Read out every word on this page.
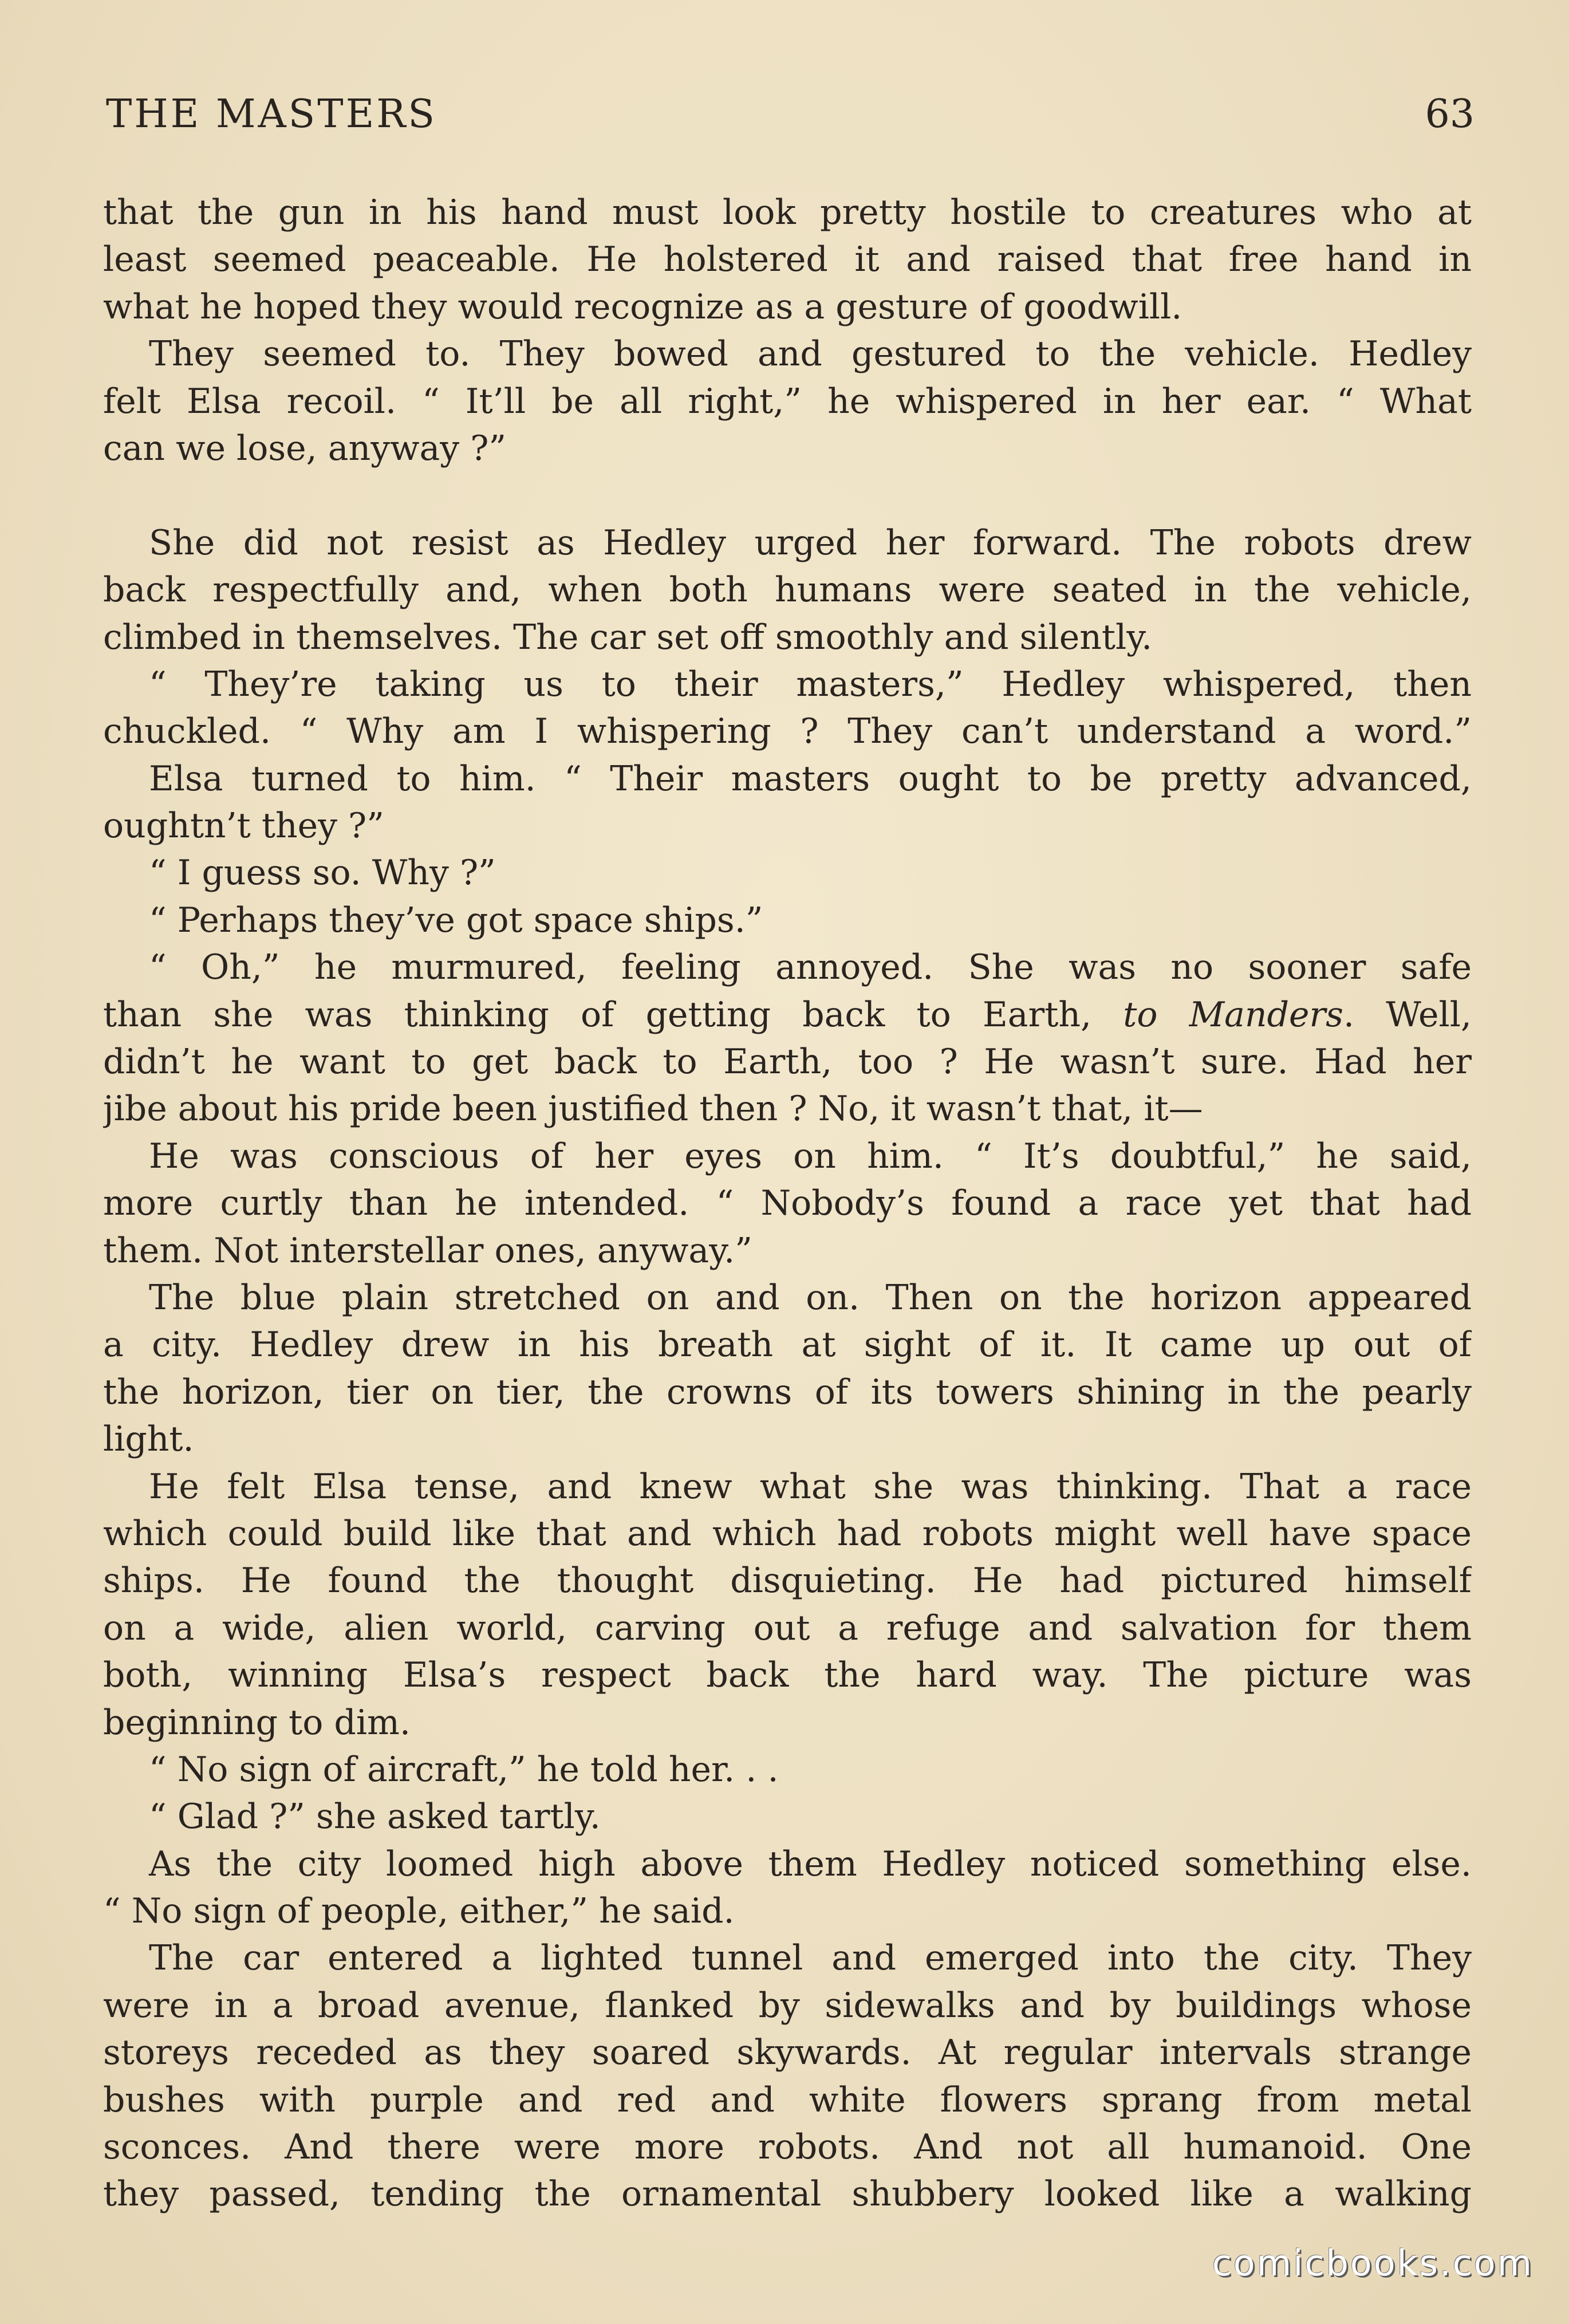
THE MASTERS	63
that the gun in his hand must look pretty hostile to creatures who at
least seemed peaceable. He holstered it and raised that free hand in
what he hoped they would recognize as a gesture of goodwill.
They seemed to. They bowed and gestured to the vehicle. Hedley
felt Elsa recoil. “ It’ll be all right,” he whispered in her ear. “ What
can we lose, anyway ?”
She did not resist as Hedley urged her forward. The robots drew
back respectfully and, when both humans were seated in the vehicle,
climbed in themselves. The car set off smoothly and silently.
“ They’re taking us to their masters,” Hedley whispered, then
chuckled. “ Why am I whispering ? They can’t understand a word.”
Elsa turned to him. “ Their masters ought to be pretty advanced,
oughtn’t they ?”
“ I guess so. Why ?”
“ Perhaps they’ve got space ships.”
“ Oh,” he murmured, feeling annoyed. She was no sooner safe
than she was thinking of getting back to Earth, to Manders. Well,
didn’t he want to get back to Earth, too ? He wasn’t sure. Had her
jibe about his pride been justified then ? No, it wasn’t that, it—
He was conscious of her eyes on him. “ It’s doubtful,” he said,
more curtly than he intended. “ Nobody’s found a race yet that had
them. Not interstellar ones, anyway.”
The blue plain stretched on and on. Then on the horizon appeared
a city. Hedley drew in his breath at sight of it. It came up out of
the horizon, tier on tier, the crowns of its towers shining in the pearly
light.
He felt Elsa tense, and knew what she was thinking. That a race
which could build like that and which had robots might well have space
ships. He found the thought disquieting. He had pictured himself
on a wide, alien world, carving out a refuge and salvation for them
both, winning Elsa’s respect back the hard way. The picture was
beginning to dim.
“ No sign of aircraft,” he told her. . .
“ Glad ?” she asked tartly.
As the city loomed high above them Hedley noticed something else.
“ No sign of people, either,” he said.
The car entered a lighted tunnel and emerged into the city. They
were in a broad avenue, flanked by sidewalks and by buildings whose
storeys receded as they soared skywards. At regular intervals strange
bushes with purple and red and white flowers sprang from metal
sconces. And there were more robots. And not all humanoid. One
they passed, tending the ornamental shubbery looked like a walking
comicbooks.com
